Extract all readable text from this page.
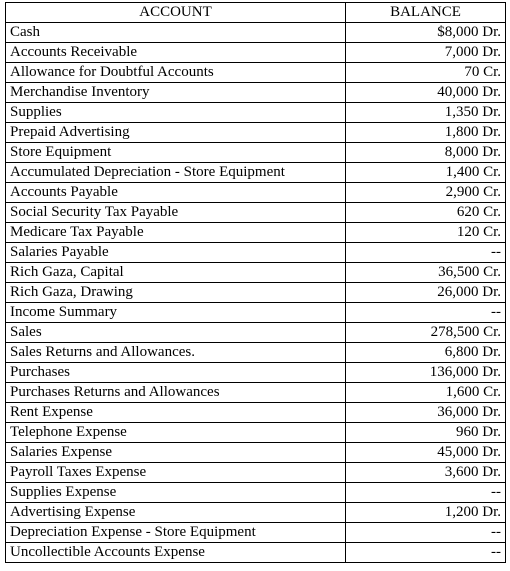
ACCOUNT	BALANCE
Cash	$8,000 Dr.
Accounts Receivable	7,000 Dr.
Allowance for Doubtful Accounts	70 Cr.
Merchandise Inventory	40,000 Dr.
Supplies	1,350 Dr.
Prepaid Advertising	1,800 Dr.
Store Equipment	8,000 Dr.
Accumulated Depreciation - Store Equipment	1,400 Cr.
Accounts Payable	2,900 Cr.
Social Security Tax Payable	620 Cr.
Medicare Tax Payable	120 Cr.
Salaries Payable	--
Rich Gaza, Capital	36,500 Cr.
Rich Gaza, Drawing	26,000 Dr.
Income Summary	--
Sales	278,500 Cr.
Sales Returns and Allowances.	6,800 Dr.
Purchases	136,000 Dr.
Purchases Returns and Allowances	1,600 Cr.
Rent Expense	36,000 Dr.
Telephone Expense	960 Dr.
Salaries Expense	45,000 Dr.
Payroll Taxes Expense	3,600 Dr.
Supplies Expense	--
Advertising Expense	1,200 Dr.
Depreciation Expense - Store Equipment	--
Uncollectible Accounts Expense	--
